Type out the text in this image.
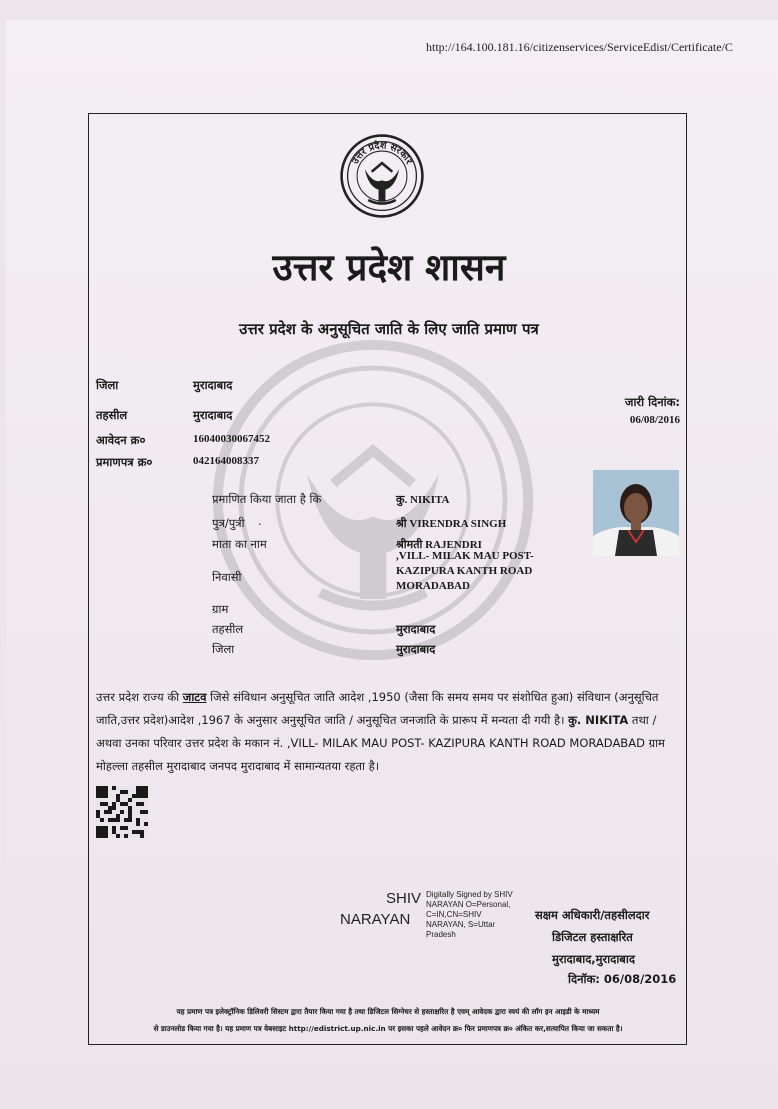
http://164.100.181.16/citizenservices/ServiceEdist/Certificate/C
उत्तर प्रदेश सरकार
उत्तर प्रदेश शासन
उत्तर प्रदेश के अनुसूचित जाति के लिए जाति प्रमाण पत्र
जिला	मुरादाबाद
तहसील	मुरादाबाद
आवेदन क्र०	16040030067452
प्रमाणपत्र क्र०	042164008337
जारी दिनांक:
06/08/2016
प्रमाणित किया जाता है कि	कु. NIKITA
पुत्र/पुत्री .	श्री VIRENDRA SINGH
माता का नाम	श्रीमती RAJENDRI
निवासी
,VILL- MILAK MAU POST- KAZIPURA KANTH ROAD MORADABAD
ग्राम
तहसील	मुरादाबाद
जिला	मुरादाबाद
उत्तर प्रदेश राज्य की जाटव जिसे संविधान अनुसूचित जाति आदेश ,1950 (जैसा कि समय समय पर संशोधित हुआ) संविधान (अनुसूचित जाति,उत्तर प्रदेश)आदेश ,1967 के अनुसार अनुसूचित जाति / अनुसूचित जनजाति के प्रारूप में मन्यता दी गयी है। कु. NIKITA तथा / अथवा उनका परिवार उत्तर प्रदेश के मकान नं. ,VILL- MILAK MAU POST- KAZIPURA KANTH ROAD MORADABAD ग्राम मोहल्ला तहसील मुरादाबाद जनपद मुरादाबाद में सामान्यतया रहता है।
SHIV
NARAYAN
Digitally Signed by SHIV NARAYAN O=Personal, C=IN,CN=SHIV NARAYAN, S=Uttar Pradesh
सक्षम अधिकारी/तहसीलदार
डिजिटल हस्ताक्षरित
मुरादाबाद,मुरादाबाद
दिनॉक: 06/08/2016
यह प्रमाण पत्र इलेक्ट्रॉनिक डिलिवरी सिस्टम द्वारा तैयार किया गया है तथा डिजिटल सिग्नेचर से हस्ताक्षरित है एवम् आवेदक द्वारा स्वयं की लॉग इन आइडी के माध्यम
से डाउनलोड किया गया है। यह प्रमाण पत्र वेबसाइट http://edistrict.up.nic.in पर इसका पहले आवेदन क्र० फिर प्रमाणपत्र क्र० अंकित कर,सत्यापित किया जा सकता है।
